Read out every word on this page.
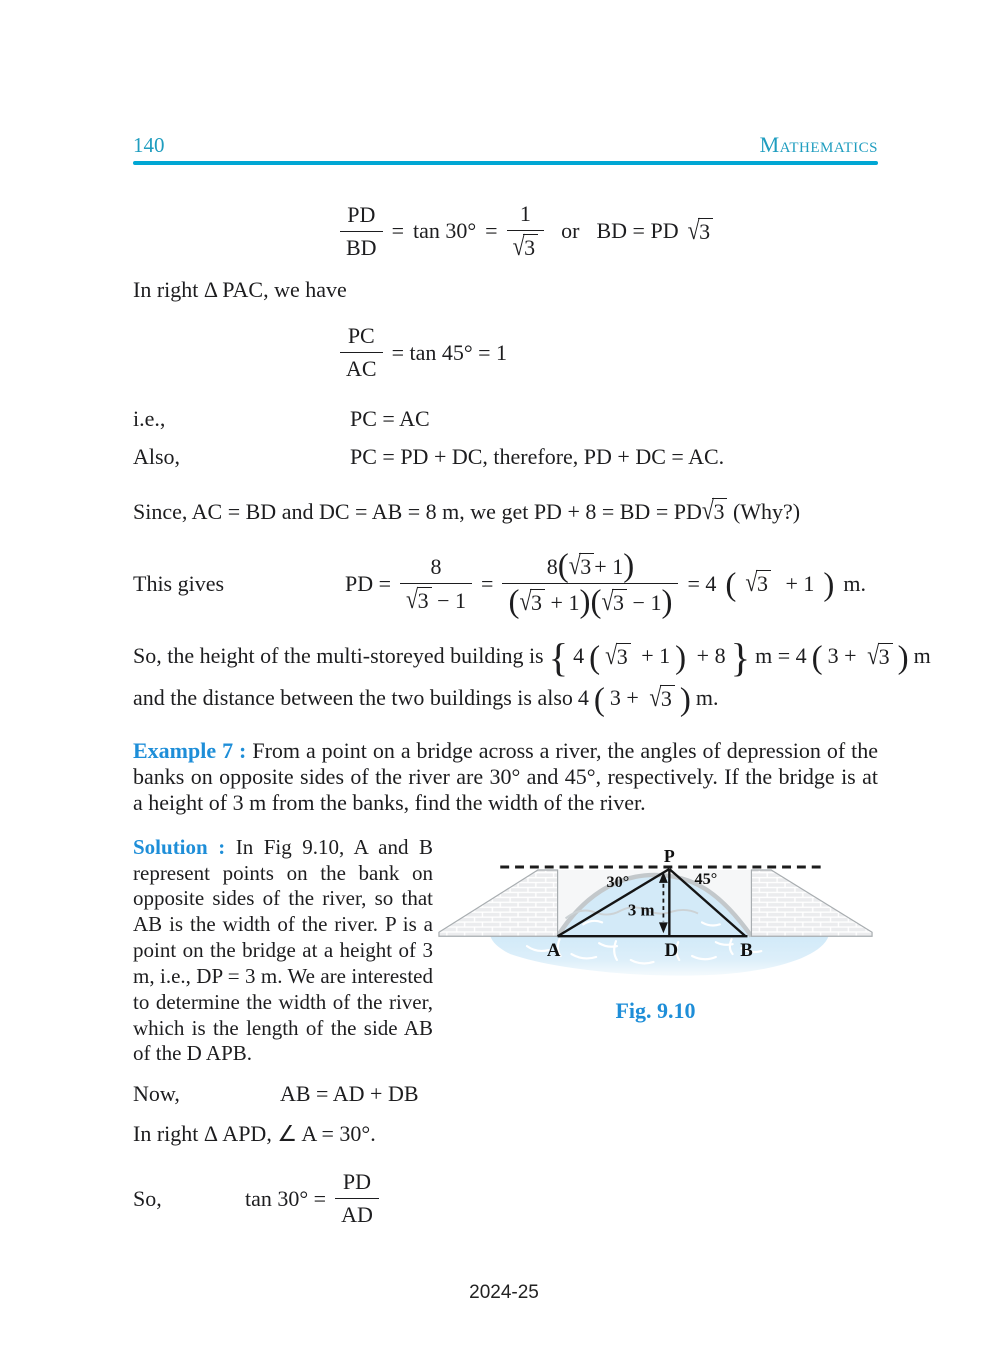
140	Mathematics
$\frac{PD}{BD} = \tan 30^\circ = \frac{1}{√3}$ or BD = PD √3

In right Δ PAC, we have

$\frac{PC}{AC} = \tan 45^\circ = 1$
i.e.,	PC = AC
Also,	PC = PD + DC, therefore, PD + DC = AC.

Since, AC = BD and DC = AB = 8 m, we get PD + 8 = BD = PD√3 (Why?)

This gives	PD = $\frac{8}{√3 - 1} = \frac{8(√3 + 1)}{(√3 + 1)(√3 - 1)} = 4$ ( √3 + 1 ) m.
So, the height of the multi-storeyed building is { 4 ( √3 + 1 ) + 8 } m = 4 ( 3 + √3 ) m
and the distance between the two buildings is also 4 ( 3 + √3 ) m.

Example 7 : From a point on a bridge across a river, the angles of depression of the banks on opposite sides of the river are 30° and 45°, respectively. If the bridge is at a height of 3 m from the banks, find the width of the river.

Solution : In Fig 9.10, A and B represent points on the bank on opposite sides of the river, so that AB is the width of the river. P is a point on the bridge at a height of 3 m, i.e., DP = 3 m. We are interested to determine the width of the river, which is the length of the side AB of the D APB.

P
30°	45°
3 m
A	D	B
Fig. 9.10
Now,	AB = AD + DB

In right Δ APD, ∠ A = 30°.

So,	$\tan 30^\circ = \frac{PD}{AD}$
2024-25
